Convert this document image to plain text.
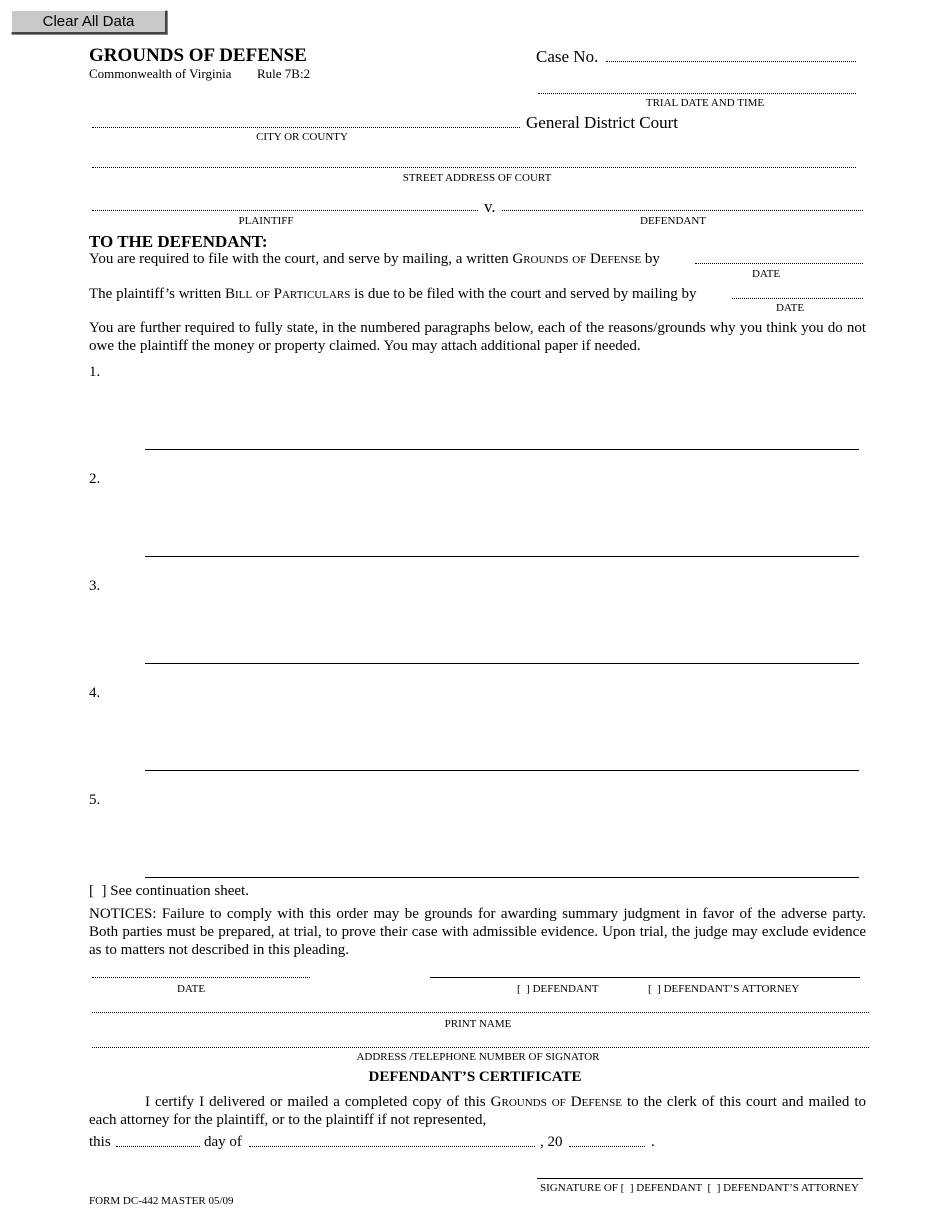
Clear All Data
GROUNDS OF DEFENSE
Commonwealth of Virginia Rule 7B:2
Case No.
TRIAL DATE AND TIME
General District Court
CITY OR COUNTY
STREET ADDRESS OF COURT
v.
PLAINTIFF	DEFENDANT
TO THE DEFENDANT:
You are required to file with the court, and serve by mailing, a written Grounds of Defense by
DATE
The plaintiff’s written Bill of Particulars is due to be filed with the court and served by mailing by
DATE
You are further required to fully state, in the numbered paragraphs below, each of the reasons/grounds why you think you do not owe the plaintiff the money or property claimed. You may attach additional paper if needed.
1.
2.
3.
4.
5.
[  ] See continuation sheet.
NOTICES: Failure to comply with this order may be grounds for awarding summary judgment in favor of the adverse party. Both parties must be prepared, at trial, to prove their case with admissible evidence. Upon trial, the judge may exclude evidence as to matters not described in this pleading.
DATE	[  ] DEFENDANT	[  ] DEFENDANT’S ATTORNEY
PRINT NAME
ADDRESS /TELEPHONE NUMBER OF SIGNATOR
DEFENDANT’S CERTIFICATE
I certify I delivered or mailed a completed copy of this Grounds of Defense to the clerk of this court and mailed to each attorney for the plaintiff, or to the plaintiff if not represented,
this	day of	, 20	.
SIGNATURE OF [  ] DEFENDANT  [  ] DEFENDANT’S ATTORNEY
FORM DC-442 MASTER 05/09
